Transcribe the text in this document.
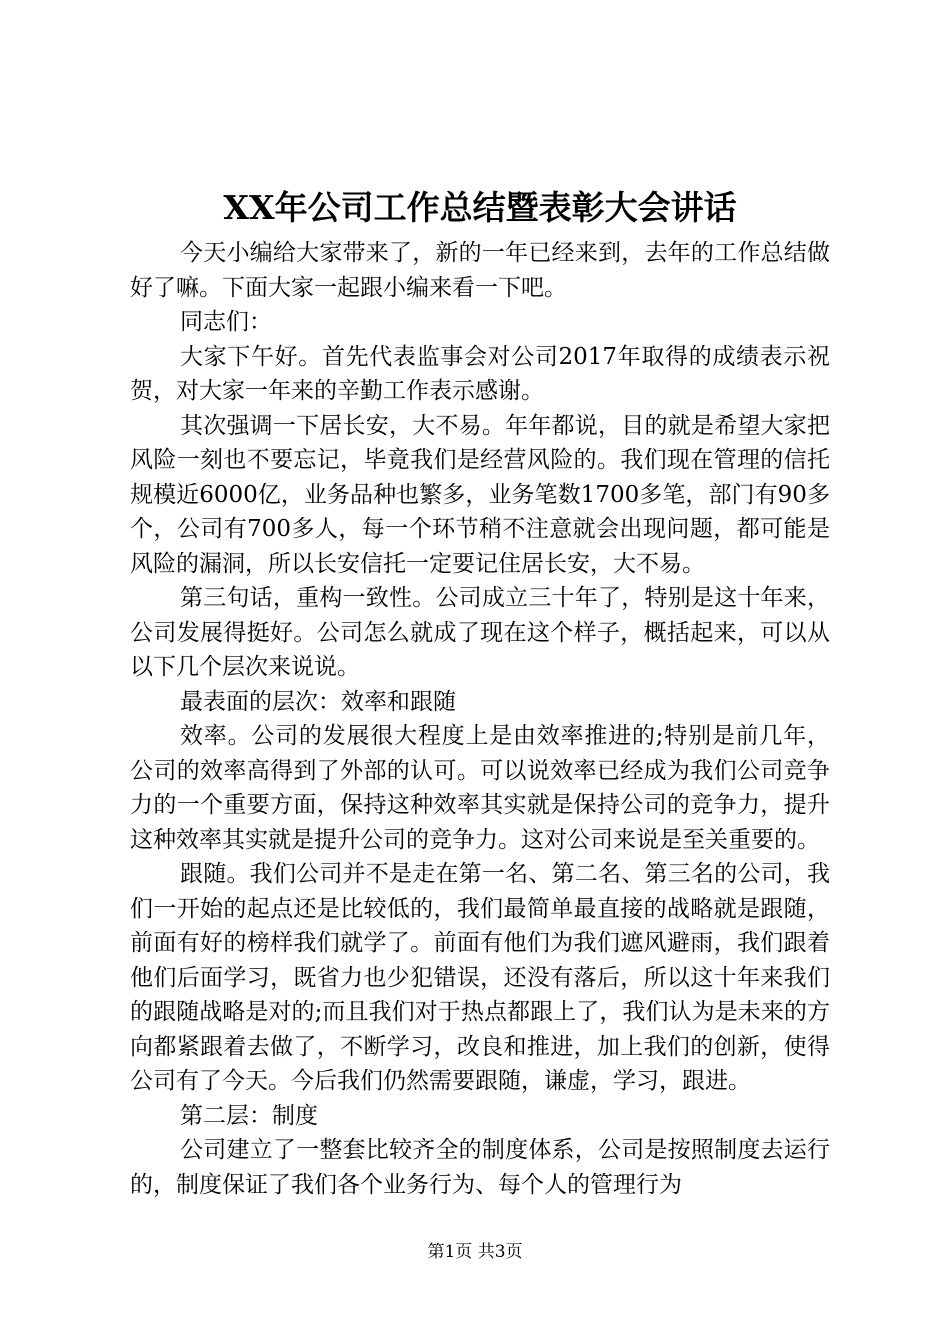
XX年公司工作总结暨表彰大会讲话

今天小编给大家带来了，新的一年已经来到，去年的工作总结做好了嘛。下面大家一起跟小编来看一下吧。

同志们：

大家下午好。首先代表监事会对公司2017年取得的成绩表示祝贺，对大家一年来的辛勤工作表示感谢。

其次强调一下居长安，大不易。年年都说，目的就是希望大家把风险一刻也不要忘记，毕竟我们是经营风险的。我们现在管理的信托规模近6000亿，业务品种也繁多，业务笔数1700多笔，部门有90多个，公司有700多人，每一个环节稍不注意就会出现问题，都可能是风险的漏洞，所以长安信托一定要记住居长安，大不易。

第三句话，重构一致性。公司成立三十年了，特别是这十年来，公司发展得挺好。公司怎么就成了现在这个样子，概括起来，可以从以下几个层次来说说。

最表面的层次：效率和跟随

效率。公司的发展很大程度上是由效率推进的;特别是前几年，公司的效率高得到了外部的认可。可以说效率已经成为我们公司竞争力的一个重要方面，保持这种效率其实就是保持公司的竞争力，提升这种效率其实就是提升公司的竞争力。这对公司来说是至关重要的。

跟随。我们公司并不是走在第一名、第二名、第三名的公司，我们一开始的起点还是比较低的，我们最简单最直接的战略就是跟随，前面有好的榜样我们就学了。前面有他们为我们遮风避雨，我们跟着他们后面学习，既省力也少犯错误，还没有落后，所以这十年来我们的跟随战略是对的;而且我们对于热点都跟上了，我们认为是未来的方向都紧跟着去做了，不断学习，改良和推进，加上我们的创新，使得公司有了今天。今后我们仍然需要跟随，谦虚，学习，跟进。

第二层：制度

公司建立了一整套比较齐全的制度体系，公司是按照制度去运行的，制度保证了我们各个业务行为、每个人的管理行为

第1页 共3页
